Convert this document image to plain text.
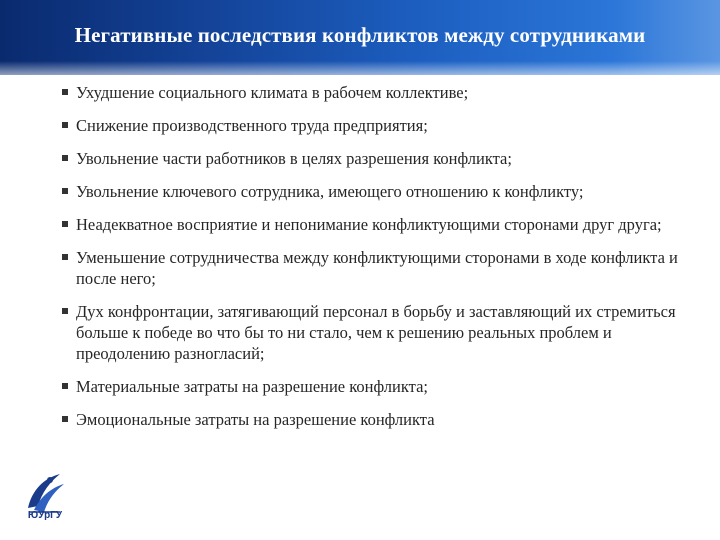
Негативные последствия конфликтов между сотрудниками
Ухудшение социального климата в рабочем коллективе;
Снижение производственного труда предприятия;
Увольнение части работников в целях разрешения конфликта;
Увольнение ключевого сотрудника, имеющего отношению к конфликту;
Неадекватное восприятие и непонимание конфликтующими сторонами друг друга;
Уменьшение сотрудничества между конфликтующими сторонами в ходе конфликта и после него;
Дух конфронтации, затягивающий персонал в борьбу и заставляющий их стремиться больше к победе во что бы то ни стало, чем к решению реальных проблем и преодолению разногласий;
Материальные затраты на разрешение конфликта;
Эмоциональные затраты на разрешение конфликта
ЮУрГУ
